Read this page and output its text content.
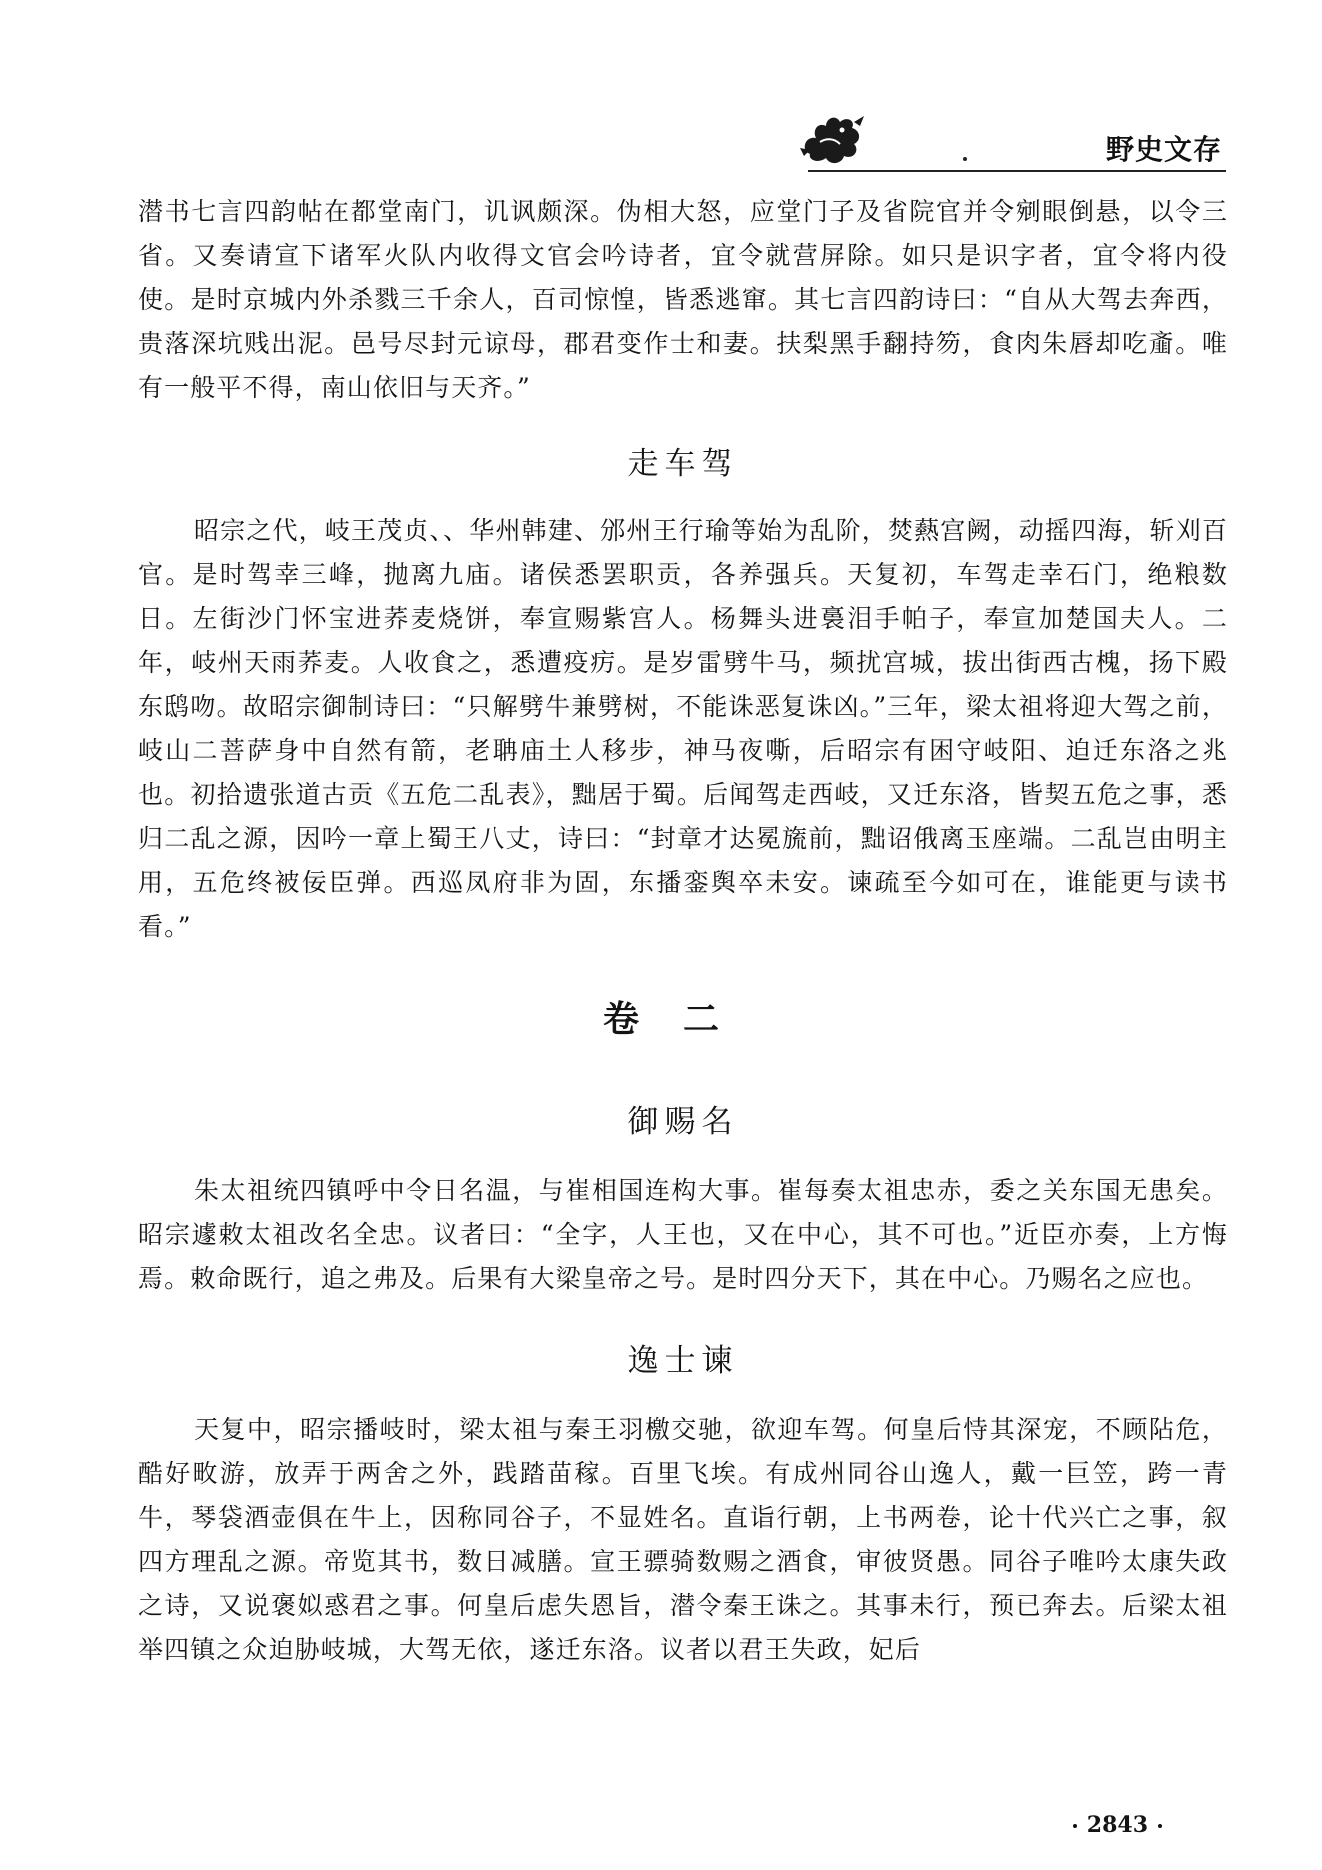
野史文存

潜书七言四韵帖在都堂南门，讥讽颇深。伪相大怒，应堂门子及省院官并令剜眼倒悬，以令三省。又奏请宣下诸军火队内收得文官会吟诗者，宜令就营屏除。如只是识字者，宜令将内役使。是时京城内外杀戮三千余人，百司惊惶，皆悉逃窜。其七言四韵诗曰：“自从大驾去奔西，贵落深坑贱出泥。邑号尽封元谅母，郡君变作士和妻。扶梨黑手翻持笏，食肉朱唇却吃齑。唯有一般平不得，南山依旧与天齐。”

走车驾

昭宗之代，岐王茂贞、、华州韩建、邠州王行瑜等始为乱阶，焚爇宫阙，动摇四海，斩刈百官。是时驾幸三峰，抛离九庙。诸侯悉罢职贡，各养强兵。天复初，车驾走幸石门，绝粮数日。左街沙门怀宝进荞麦烧饼，奉宣赐紫宫人。杨舞头进裛泪手帕子，奉宣加楚国夫人。二年，岐州天雨荞麦。人收食之，悉遭疫疠。是岁雷劈牛马，频扰宫城，拔出街西古槐，扬下殿东鸱吻。故昭宗御制诗曰：“只解劈牛兼劈树，不能诛恶复诛凶。”三年，梁太祖将迎大驾之前，岐山二菩萨身中自然有箭，老聃庙土人移步，神马夜嘶，后昭宗有困守岐阳、迫迁东洛之兆也。初拾遗张道古贡《五危二乱表》，黜居于蜀。后闻驾走西岐，又迁东洛，皆契五危之事，悉归二乱之源，因吟一章上蜀王八丈，诗曰：“封章才达冕旒前，黜诏俄离玉座端。二乱岂由明主用，五危终被佞臣弹。西巡凤府非为固，东播銮舆卒未安。谏疏至今如可在，谁能更与读书看。”

卷二
御赐名

朱太祖统四镇呼中令日名温，与崔相国连构大事。崔每奏太祖忠赤，委之关东国无患矣。昭宗遽敕太祖改名全忠。议者曰：“全字，人王也，又在中心，其不可也。”近臣亦奏，上方悔焉。敕命既行，追之弗及。后果有大梁皇帝之号。是时四分天下，其在中心。乃赐名之应也。

逸士谏

天复中，昭宗播岐时，梁太祖与秦王羽檄交驰，欲迎车驾。何皇后恃其深宠，不顾阽危，酷好畋游，放弄于两舍之外，践踏苗稼。百里飞埃。有成州同谷山逸人，戴一巨笠，跨一青牛，琴袋酒壶俱在牛上，因称同谷子，不显姓名。直诣行朝，上书两卷，论十代兴亡之事，叙四方理乱之源。帝览其书，数日减膳。宣王骠骑数赐之酒食，审彼贤愚。同谷子唯吟太康失政之诗，又说褒姒惑君之事。何皇后虑失恩旨，潜令秦王诛之。其事未行，预已奔去。后梁太祖举四镇之众迫胁岐城，大驾无依，遂迁东洛。议者以君王失政，妃后

2843
